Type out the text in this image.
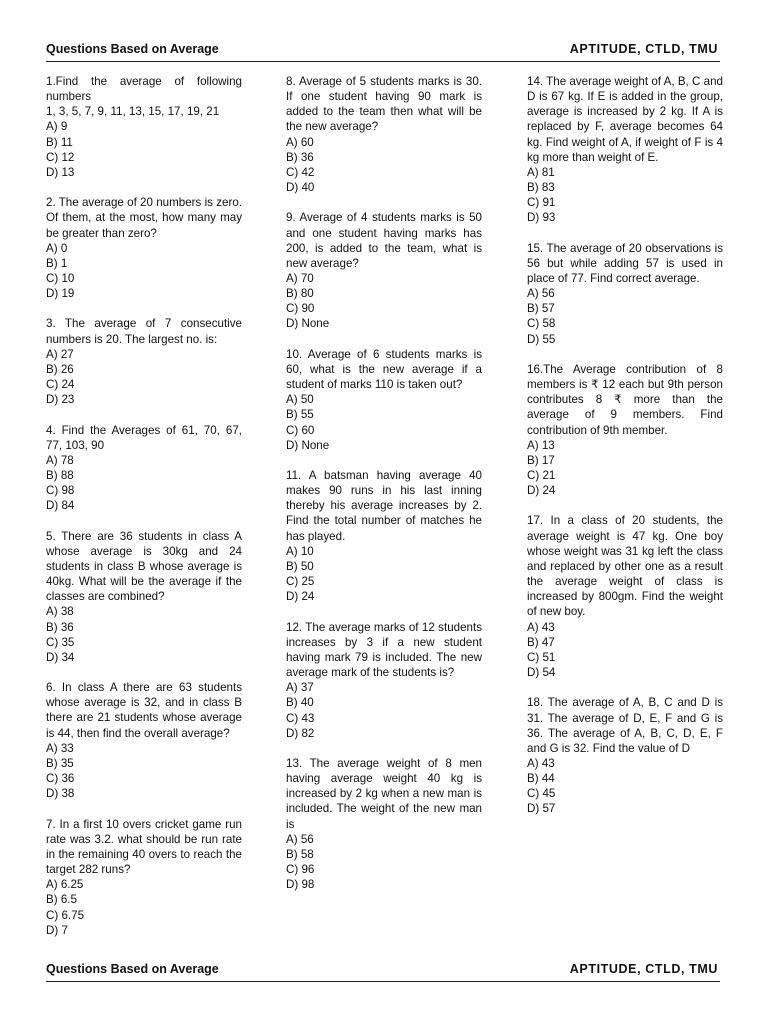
Questions Based on Average	APTITUDE, CTLD, TMU
1.Find the average of following numbers
1, 3, 5, 7, 9, 11, 13, 15, 17, 19, 21
A) 9
B) 11
C) 12
D) 13
2. The average of 20 numbers is zero. Of them, at the most, how many may be greater than zero?
A) 0
B) 1
C) 10
D) 19
3. The average of 7 consecutive numbers is 20. The largest no. is:
A) 27
B) 26
C) 24
D) 23
4. Find the Averages of 61, 70, 67, 77, 103, 90
A) 78
B) 88
C) 98
D) 84
5. There are 36 students in class A whose average is 30kg and 24 students in class B whose average is 40kg. What will be the average if the classes are combined?
A) 38
B) 36
C) 35
D) 34
6. In class A there are 63 students whose average is 32, and in class B there are 21 students whose average is 44, then find the overall average?
A) 33
B) 35
C) 36
D) 38
7. In a first 10 overs cricket game run rate was 3.2. what should be run rate in the remaining 40 overs to reach the target 282 runs?
A) 6.25
B) 6.5
C) 6.75
D) 7
8. Average of 5 students marks is 30. If one student having 90 mark is added to the team then what will be the new average?
A) 60
B) 36
C) 42
D) 40
9. Average of 4 students marks is 50 and one student having marks has 200, is added to the team, what is new average?
A) 70
B) 80
C) 90
D) None
10. Average of 6 students marks is 60, what is the new average if a student of marks 110 is taken out?
A) 50
B) 55
C) 60
D) None
11. A batsman having average 40 makes 90 runs in his last inning thereby his average increases by 2. Find the total number of matches he has played.
A) 10
B) 50
C) 25
D) 24
12. The average marks of 12 students increases by 3 if a new student having mark 79 is included. The new average mark of the students is?
A) 37
B) 40
C) 43
D) 82
13. The average weight of 8 men having average weight 40 kg is increased by 2 kg when a new man is included. The weight of the new man is
A) 56
B) 58
C) 96
D) 98
14. The average weight of A, B, C and D is 67 kg. If E is added in the group, average is increased by 2 kg. If A is replaced by F, average becomes 64 kg. Find weight of A, if weight of F is 4 kg more than weight of E.
A) 81
B) 83
C) 91
D) 93
15. The average of 20 observations is 56 but while adding 57 is used in place of 77. Find correct average.
A) 56
B) 57
C) 58
D) 55
16.The Average contribution of 8 members is ₹ 12 each but 9th person contributes 8 ₹ more than the average of 9 members. Find contribution of 9th member.
A) 13
B) 17
C) 21
D) 24
17. In a class of 20 students, the average weight is 47 kg. One boy whose weight was 31 kg left the class and replaced by other one as a result the average weight of class is increased by 800gm. Find the weight of new boy.
A) 43
B) 47
C) 51
D) 54
18. The average of A, B, C and D is 31. The average of D, E, F and G is 36. The average of A, B, C, D, E, F and G is 32. Find the value of D
A) 43
B) 44
C) 45
D) 57
Questions Based on Average	APTITUDE, CTLD, TMU
